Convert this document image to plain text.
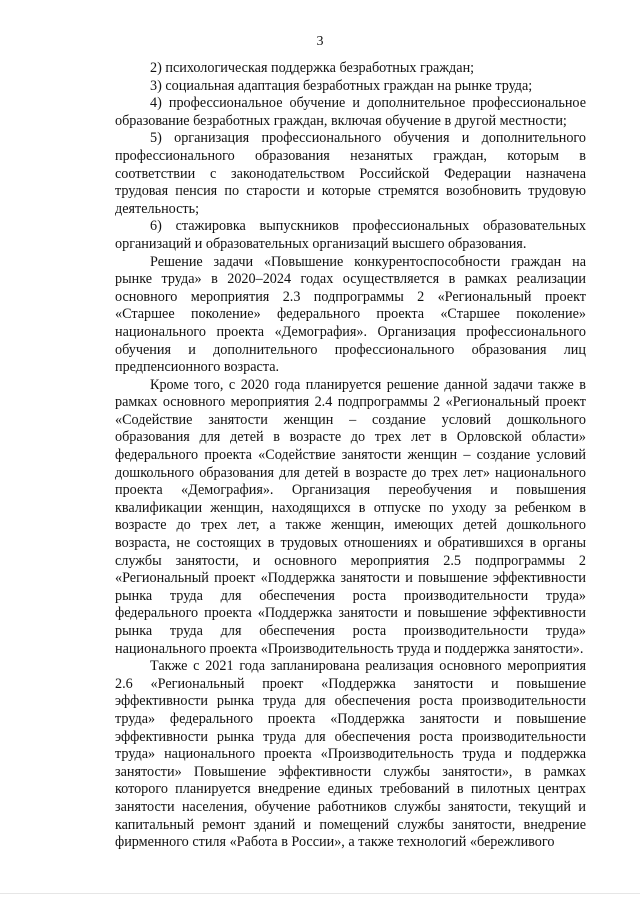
3

2) психологическая поддержка безработных граждан;

3) социальная адаптация безработных граждан на рынке труда;

4) профессиональное обучение и дополнительное профессиональное образование безработных граждан, включая обучение в другой местности;

5) организация профессионального обучения и дополнительного профессионального образования незанятых граждан, которым в соответствии с законодательством Российской Федерации назначена трудовая пенсия по старости и которые стремятся возобновить трудовую деятельность;

6) стажировка выпускников профессиональных образовательных организаций и образовательных организаций высшего образования.

Решение задачи «Повышение конкурентоспособности граждан на рынке труда» в 2020–2024 годах осуществляется в рамках реализации основного мероприятия 2.3 подпрограммы 2 «Региональный проект «Старшее поколение» федерального проекта «Старшее поколение» национального проекта «Демография». Организация профессионального обучения и дополнительного профессионального образования лиц предпенсионного возраста.

Кроме того, с 2020 года планируется решение данной задачи также в рамках основного мероприятия 2.4 подпрограммы 2 «Региональный проект «Содействие занятости женщин – создание условий дошкольного образования для детей в возрасте до трех лет в Орловской области» федерального проекта «Содействие занятости женщин – создание условий дошкольного образования для детей в возрасте до трех лет» национального проекта «Демография». Организация переобучения и повышения квалификации женщин, находящихся в отпуске по уходу за ребенком в возрасте до трех лет, а также женщин, имеющих детей дошкольного возраста, не состоящих в трудовых отношениях и обратившихся в органы службы занятости, и основного мероприятия 2.5 подпрограммы 2 «Региональный проект «Поддержка занятости и повышение эффективности рынка труда для обеспечения роста производительности труда» федерального проекта «Поддержка занятости и повышение эффективности рынка труда для обеспечения роста производительности труда» национального проекта «Производительность труда и поддержка занятости».

Также с 2021 года запланирована реализация основного мероприятия 2.6 «Региональный проект «Поддержка занятости и повышение эффективности рынка труда для обеспечения роста производительности труда» федерального проекта «Поддержка занятости и повышение эффективности рынка труда для обеспечения роста производительности труда» национального проекта «Производительность труда и поддержка занятости» Повышение эффективности службы занятости», в рамках которого планируется внедрение единых требований в пилотных центрах занятости населения, обучение работников службы занятости, текущий и капитальный ремонт зданий и помещений службы занятости, внедрение фирменного стиля «Работа в России», а также технологий «бережливого
